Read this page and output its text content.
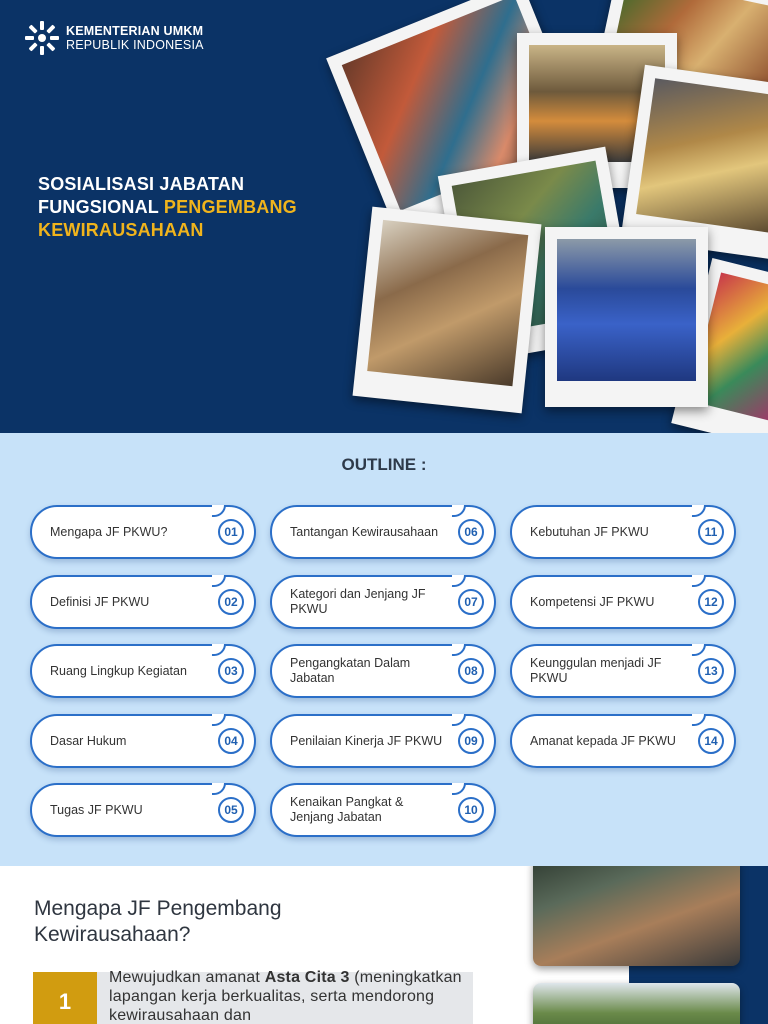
KEMENTERIAN UMKM
REPUBLIK INDONESIA
SOSIALISASI JABATAN FUNGSIONAL PENGEMBANG KEWIRAUSAHAAN
OUTLINE :
Mengapa JF PKWU?	01
Definisi JF PKWU	02
Ruang Lingkup Kegiatan	03
Dasar Hukum	04
Tugas JF PKWU	05
Tantangan Kewirausahaan	06
Kategori dan Jenjang JF PKWU	07
Pengangkatan Dalam Jabatan	08
Penilaian Kinerja JF PKWU	09
Kenaikan Pangkat & Jenjang Jabatan	10
Kebutuhan JF PKWU	11
Kompetensi JF PKWU	12
Keunggulan menjadi JF PKWU	13
Amanat kepada JF PKWU	14
Mengapa JF Pengembang Kewirausahaan?
1

Mewujudkan amanat Asta Cita 3 (meningkatkan lapangan kerja berkualitas, serta mendorong kewirausahaan dan
